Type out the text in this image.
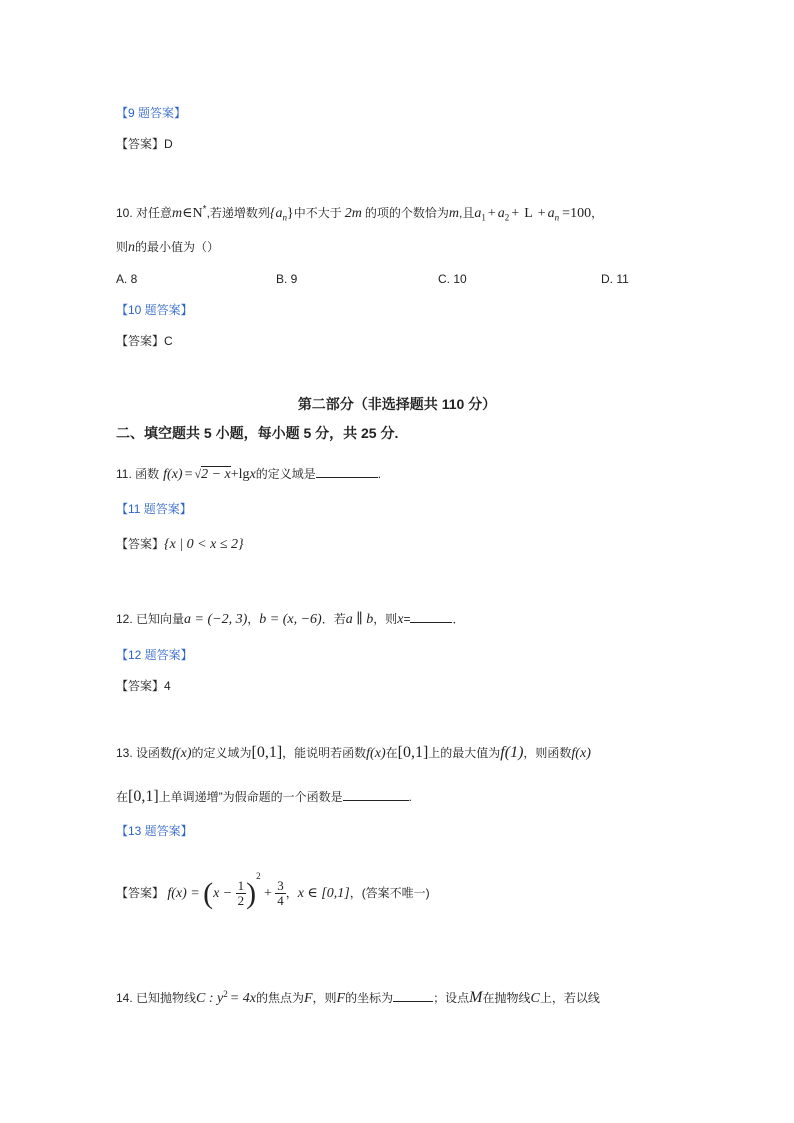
【9 题答案】
【答案】D
10. 对任意m∈N*,若递增数列$\{a_n\}$中不大于 2m 的项的个数恰为m,且$a_1 + a_2 + L + a_n =100$，
则n的最小值为（）
A. 8	B. 9	C. 10	D. 11
【10 题答案】
【答案】C
第二部分（非选择题共 110 分）
二、填空题共 5 小题，每小题 5 分，共 25 分.
11. 函数 f(x) = √2 − x+lgx的定义域是	.
【11 题答案】
【答案】{x | 0 < x ≤ 2}
12. 已知向量a = (−2, 3)，b = (x, −6)．若a ∥ b，则x=	．
【12 题答案】
【答案】4
13. 设函数f(x)的定义域为[0,1]，能说明若函数f(x)在[0,1]上的最大值为f(1)，则函数f(x)
在[0,1]上单调递增”为假命题的一个函数是	.
【13 题答案】
【答案】 $f(x) = (x - \frac{1}{2} )^2 + \frac{3}{4}$ ，x ∈ [0,1]，(答案不唯一)
14. 已知抛物线C : $y^2 = 4x$的焦点为F，则F的坐标为	；设点M在抛物线C上，若以线
